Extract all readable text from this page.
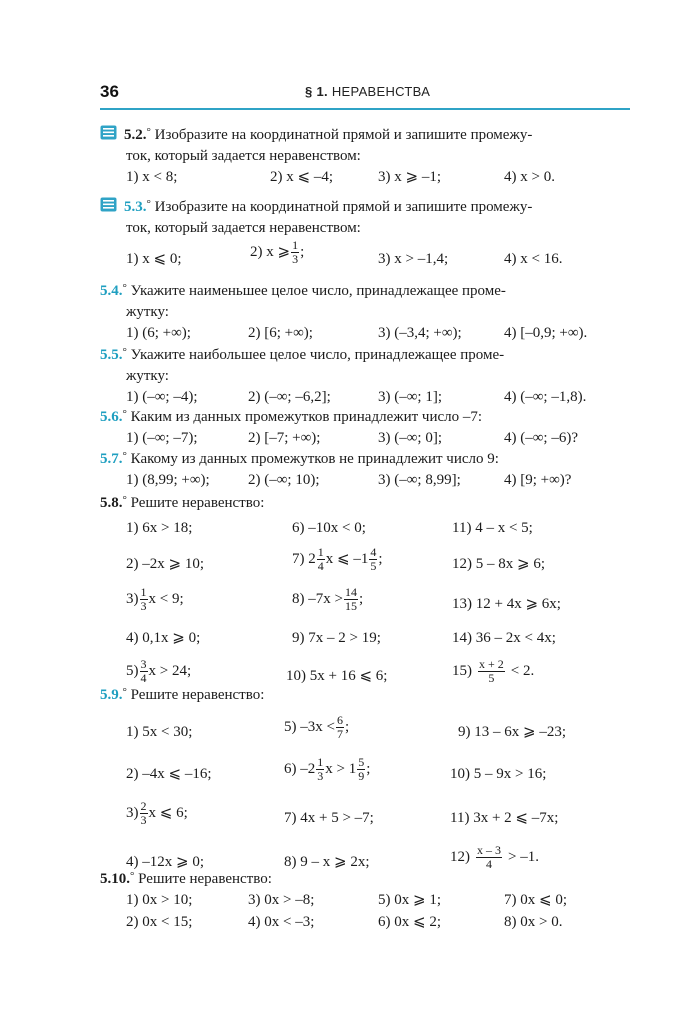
36	§ 1. НЕРАВЕНСТВА
5.2.° Изобразите на координатной прямой и запишите промежу-
ток, который задается неравенством:
1) x < 8;	2) x ⩽ –4;	3) x ⩾ –1;	4) x > 0.
5.3.° Изобразите на координатной прямой и запишите промежу-
ток, который задается неравенством:
1) x ⩽ 0;	2) x ⩾ $\frac{1}{3}$ ;	3) x > –1,4;	4) x < 16.
5.4.° Укажите наименьшее целое число, принадлежащее проме-
жутку:
1) (6; +∞);	2) [6; +∞);	3) (–3,4; +∞);	4) [–0,9; +∞).
5.5.° Укажите наибольшее целое число, принадлежащее проме-
жутку:
1) (–∞; –4);	2) (–∞; –6,2];	3) (–∞; 1];	4) (–∞; –1,8).
5.6.° Каким из данных промежутков принадлежит число –7:
1) (–∞; –7);	2) [–7; +∞);	3) (–∞; 0];	4) (–∞; –6)?
5.7.° Какому из данных промежутков не принадлежит число 9:
1) (8,99; +∞);	2) (–∞; 10);	3) (–∞; 8,99];	4) [9; +∞)?
5.8.° Решите неравенство:
1) 6x > 18;	6) –10x < 0;	11) 4 – x < 5;
2) –2x ⩾ 10;	7) $2 \frac{1}{4}$ x ⩽ $-1 \frac{4}{5}$ ;	12) 5 – 8x ⩾ 6;
$3) \frac{1}{3}$ x < 9;	8) $-7x > \frac{14}{15}$ ;	13) 12 + 4x ⩾ 6x;
4) 0,1x ⩾ 0;	9) 7x – 2 > 19;	14) 36 – 2x < 4x;
$5) \frac{3}{4}$ x > 24;	10) 5x + 16 ⩽ 6;	$15) \frac{x + 2}{5} < 2$.
5.9.° Решите неравенство:
1) 5x < 30;	5) $-3x < \frac{6}{7}$ ;	9) 13 – 6x ⩾ –23;
2) –4x ⩽ –16;	6) $-2 \frac{1}{3}$ $x > 1 \frac{5}{9}$ ;	10) 5 – 9x > 16;
$3) \frac{2}{3}$ x ⩽ 6;	7) 4x + 5 > –7;	11) 3x + 2 ⩽ –7x;
4) –12x ⩾ 0;	8) 9 – x ⩾ 2x;	$12) \frac{x - 3}{4} > -1$.
5.10.° Решите неравенство:
1) 0x > 10;	3) 0x > –8;	5) 0x ⩾ 1;	7) 0x ⩽ 0;
2) 0x < 15;	4) 0x < –3;	6) 0x ⩽ 2;	8) 0x > 0.
